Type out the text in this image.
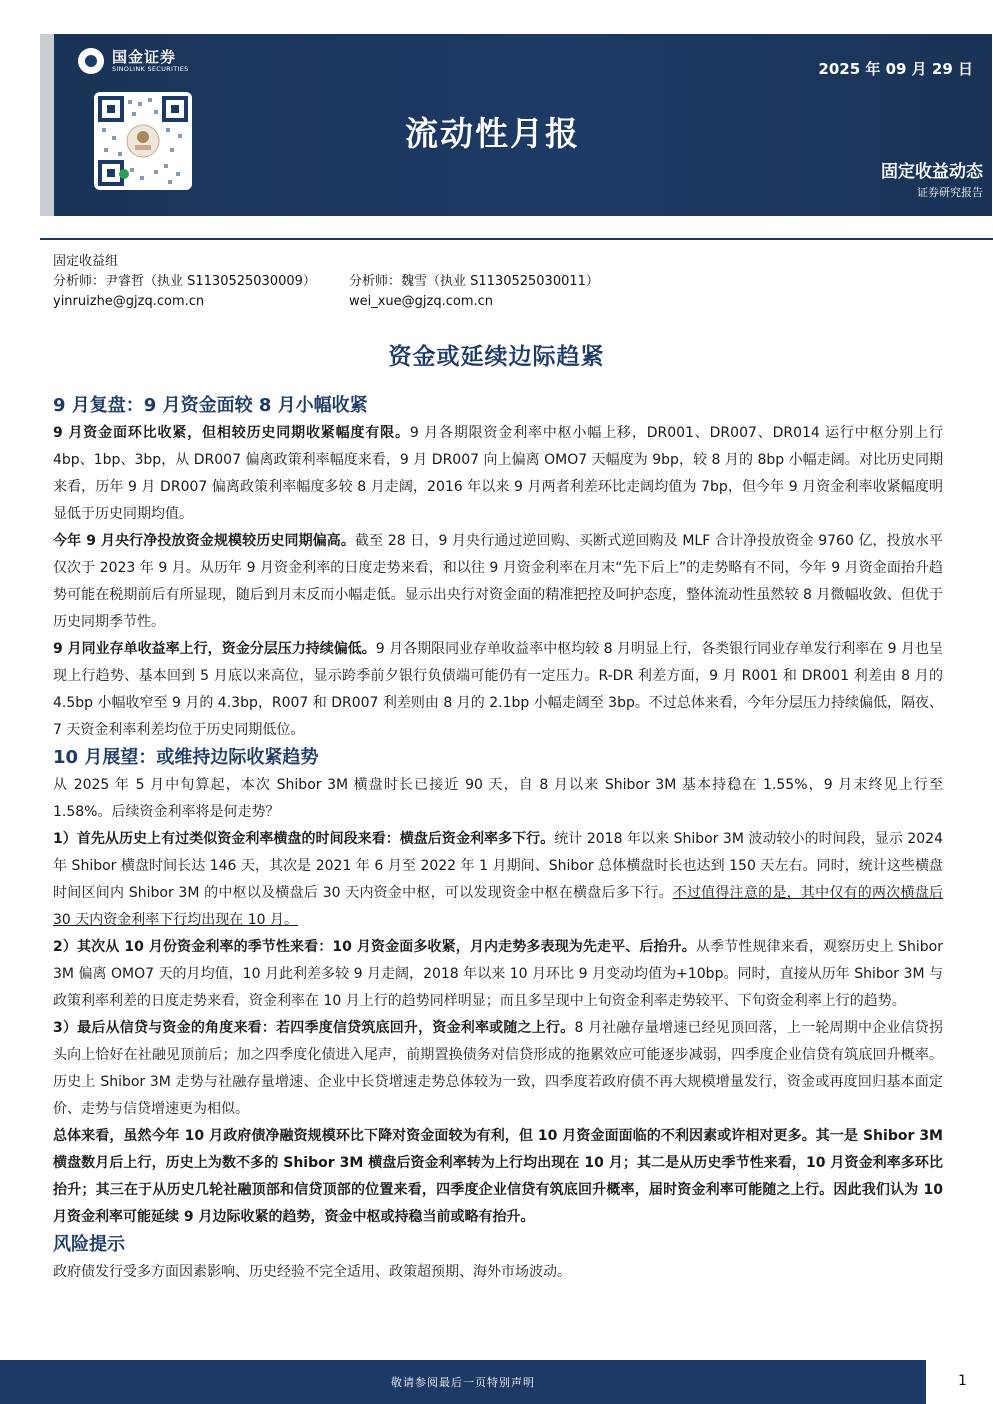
国金证券
SINOLINK SECURITIES	2025 年 09 月 29 日
流动性月报
固定收益动态
证券研究报告
固定收益组
分析师：尹睿哲（执业 S1130525030009）	分析师：魏雪（执业 S1130525030011）
yinruizhe@gjzq.com.cn	wei_xue@gjzq.com.cn
资金或延续边际趋紧
9 月复盘：9 月资金面较 8 月小幅收紧

9 月资金面环比收紧，但相较历史同期收紧幅度有限。9 月各期限资金利率中枢小幅上移，DR001、DR007、DR014 运行中枢分别上行 4bp、1bp、3bp，从 DR007 偏离政策利率幅度来看，9 月 DR007 向上偏离 OMO7 天幅度为 9bp，较 8 月的 8bp 小幅走阔。对比历史同期来看，历年 9 月 DR007 偏离政策利率幅度多较 8 月走阔，2016 年以来 9 月两者利差环比走阔均值为 7bp，但今年 9 月资金利率收紧幅度明显低于历史同期均值。

今年 9 月央行净投放资金规模较历史同期偏高。截至 28 日，9 月央行通过逆回购、买断式逆回购及 MLF 合计净投放资金 9760 亿，投放水平仅次于 2023 年 9 月。从历年 9 月资金利率的日度走势来看，和以往 9 月资金利率在月末“先下后上”的走势略有不同，今年 9 月资金面抬升趋势可能在税期前后有所显现，随后到月末反而小幅走低。显示出央行对资金面的精准把控及呵护态度，整体流动性虽然较 8 月微幅收敛、但优于历史同期季节性。

9 月同业存单收益率上行，资金分层压力持续偏低。9 月各期限同业存单收益率中枢均较 8 月明显上行，各类银行同业存单发行利率在 9 月也呈现上行趋势、基本回到 5 月底以来高位，显示跨季前夕银行负债端可能仍有一定压力。R-DR 利差方面，9 月 R001 和 DR001 利差由 8 月的 4.5bp 小幅收窄至 9 月的 4.3bp，R007 和 DR007 利差则由 8 月的 2.1bp 小幅走阔至 3bp。不过总体来看，今年分层压力持续偏低，隔夜、7 天资金利率利差均位于历史同期低位。

10 月展望：或维持边际收紧趋势

从 2025 年 5 月中旬算起，本次 Shibor 3M 横盘时长已接近 90 天，自 8 月以来 Shibor 3M 基本持稳在 1.55%，9 月末终见上行至 1.58%。后续资金利率将是何走势？

1）首先从历史上有过类似资金利率横盘的时间段来看：横盘后资金利率多下行。统计 2018 年以来 Shibor 3M 波动较小的时间段，显示 2024 年 Shibor 横盘时间长达 146 天，其次是 2021 年 6 月至 2022 年 1 月期间、Shibor 总体横盘时长也达到 150 天左右。同时，统计这些横盘时间区间内 Shibor 3M 的中枢以及横盘后 30 天内资金中枢，可以发现资金中枢在横盘后多下行。不过值得注意的是，其中仅有的两次横盘后 30 天内资金利率下行均出现在 10 月。

2）其次从 10 月份资金利率的季节性来看：10 月资金面多收紧，月内走势多表现为先走平、后抬升。从季节性规律来看，观察历史上 Shibor 3M 偏离 OMO7 天的月均值，10 月此利差多较 9 月走阔，2018 年以来 10 月环比 9 月变动均值为+10bp。同时，直接从历年 Shibor 3M 与政策利率利差的日度走势来看，资金利率在 10 月上行的趋势同样明显；而且多呈现中上旬资金利率走势较平、下旬资金利率上行的趋势。

3）最后从信贷与资金的角度来看：若四季度信贷筑底回升，资金利率或随之上行。8 月社融存量增速已经见顶回落，上一轮周期中企业信贷拐头向上恰好在社融见顶前后；加之四季度化债进入尾声，前期置换债务对信贷形成的拖累效应可能逐步减弱，四季度企业信贷有筑底回升概率。历史上 Shibor 3M 走势与社融存量增速、企业中长贷增速走势总体较为一致，四季度若政府债不再大规模增量发行，资金或再度回归基本面定价、走势与信贷增速更为相似。

总体来看，虽然今年 10 月政府债净融资规模环比下降对资金面较为有利，但 10 月资金面面临的不利因素或许相对更多。其一是 Shibor 3M 横盘数月后上行，历史上为数不多的 Shibor 3M 横盘后资金利率转为上行均出现在 10 月；其二是从历史季节性来看，10 月资金利率多环比抬升；其三在于从历史几轮社融顶部和信贷顶部的位置来看，四季度企业信贷有筑底回升概率，届时资金利率可能随之上行。因此我们认为 10 月资金利率可能延续 9 月边际收紧的趋势，资金中枢或持稳当前或略有抬升。

风险提示

政府债发行受多方面因素影响、历史经验不完全适用、政策超预期、海外市场波动。

敬请参阅最后一页特别声明	1
